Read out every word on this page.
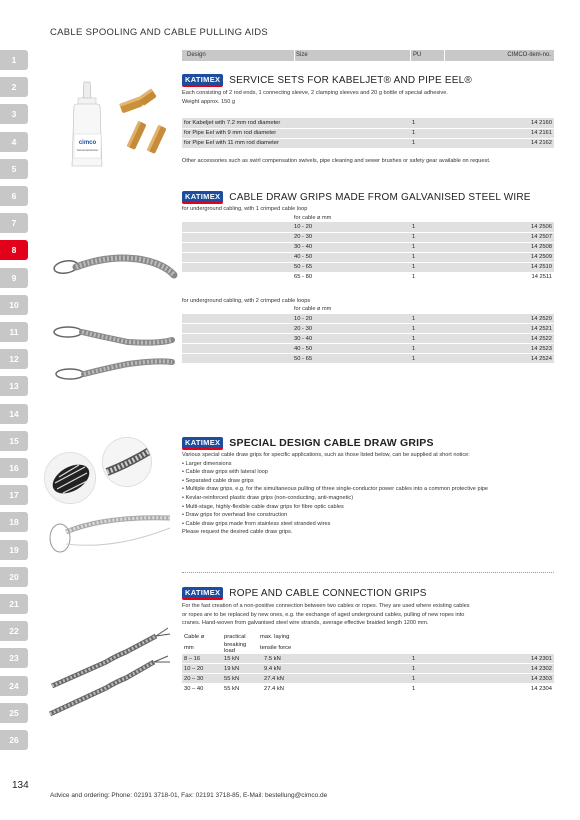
CABLE SPOOLING AND CABLE PULLING AIDS
1
2
3
4
5
6
7
8
9
10
11
12
13
14
15
16
17
18
19
20
21
22
23
24
25
26
Design	Size	PU	CIMCO-item-no.
KATIMEX SERVICE SETS FOR KABELJET® AND PIPE EEL®

Each consisting of 2 rod ends, 1 connecting sleeve, 2 clamping sleeves and 20 g bottle of special adhesive.

Weight approx. 150 g

for Kabeljet with 7.2 mm rod diameter	1	14 2160
for Pipe Eel with 9 mm rod diameter	1	14 2161
for Pipe Eel with 11 mm rod diameter	1	14 2162
Other accessories such as swirl compensation swivels, pipe cleaning and sewer brushes or safety gear available on request.
cimco
Sekundenkleber
KATIMEX CABLE DRAW GRIPS MADE FROM GALVANISED STEEL WIRE
for underground cabling, with 1 crimped cable loop
for cable ø mm
	10 - 20	1	14 2506
	20 - 30	1	14 2507
	30 - 40	1	14 2508
	40 - 50	1	14 2509
	50 - 65	1	14 2510
	65 - 80	1	14 2511
for underground cabling, with 2 crimped cable loops
for cable ø mm
	10 - 20	1	14 2520
	20 - 30	1	14 2521
	30 - 40	1	14 2522
	40 - 50	1	14 2523
	50 - 65	1	14 2524
KATIMEX SPECIAL DESIGN CABLE DRAW GRIPS

Various special cable draw grips for specific applications, such as those listed below, can be supplied at short notice:

• Larger dimensions

• Cable draw grips with lateral loop

• Separated cable draw grips

• Multiple draw grips, e.g. for the simultaneous pulling of three single-conductor power cables into a common protective pipe

• Kevlar-reinforced plastic draw grips (non-conducting, anti-magnetic)

• Multi-stage, highly-flexible cable draw grips for fibre optic cables

• Draw grips for overhead line construction

• Cable draw grips made from stainless steel stranded wires

Please request the desired cable draw grips.

KATIMEX ROPE AND CABLE CONNECTION GRIPS

For the fast creation of a non-positive connection between two cables or ropes. They are used where existing cables

or ropes are to be replaced by new ones, e.g. the exchange of aged underground cables, pulling of new ropes into

cranes. Hand-woven from galvanised steel wire strands, average effective braided length 1200 mm.

Cable ø	practical	max. laying		
mm	breaking load	tensile force		
8 – 16	15 kN	7.5 kN	1	14 2301
10 – 20	19 kN	9.4 kN	1	14 2302
20 – 30	55 kN	27.4 kN	1	14 2303
30 – 40	55 kN	27.4 kN	1	14 2304
134
Advice and ordering: Phone: 02191 3718-01, Fax: 02191 3718-85, E-Mail: bestellung@cimco.de
